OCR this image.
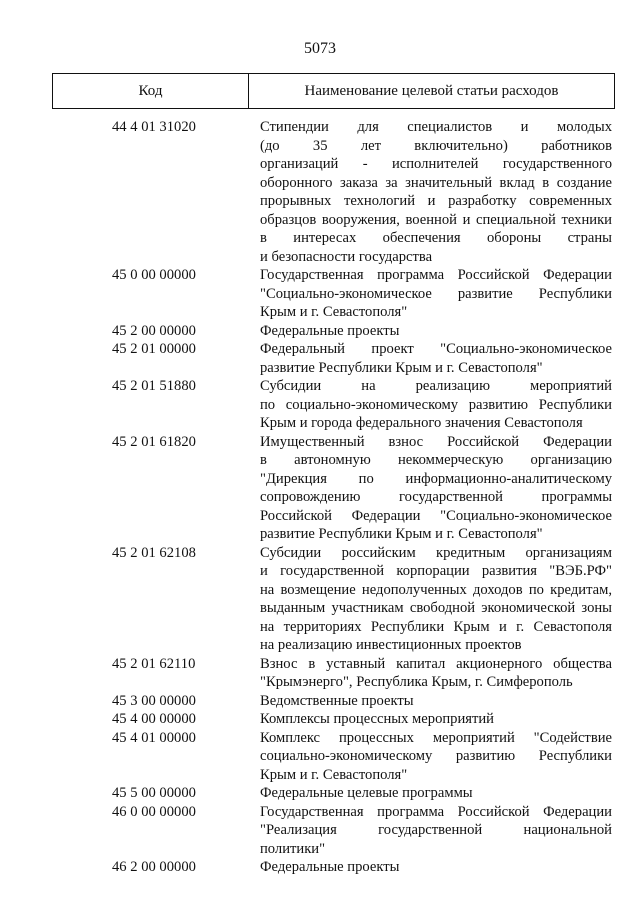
5073
Код	Наименование целевой статьи расходов
44 4 01 31020	Стипендии для специалистов и молодых
(до 35 лет включительно) работников
организаций - исполнителей государственного
оборонного заказа за значительный вклад в создание
прорывных технологий и разработку современных
образцов вооружения, военной и специальной техники
в интересах обеспечения обороны страны
и безопасности государства
45 0 00 00000	Государственная программа Российской Федерации
"Социально-экономическое развитие Республики
Крым и г. Севастополя"
45 2 00 00000	Федеральные проекты
45 2 01 00000	Федеральный проект "Социально-экономическое
развитие Республики Крым и г. Севастополя"
45 2 01 51880	Субсидии на реализацию мероприятий
по социально-экономическому развитию Республики
Крым и города федерального значения Севастополя
45 2 01 61820	Имущественный взнос Российской Федерации
в автономную некоммерческую организацию
"Дирекция по информационно-аналитическому
сопровождению государственной программы
Российской Федерации "Социально-экономическое
развитие Республики Крым и г. Севастополя"
45 2 01 62108	Субсидии российским кредитным организациям
и государственной корпорации развития "ВЭБ.РФ"
на возмещение недополученных доходов по кредитам,
выданным участникам свободной экономической зоны
на территориях Республики Крым и г. Севастополя
на реализацию инвестиционных проектов
45 2 01 62110	Взнос в уставный капитал акционерного общества
"Крымэнерго", Республика Крым, г. Симферополь
45 3 00 00000	Ведомственные проекты
45 4 00 00000	Комплексы процессных мероприятий
45 4 01 00000	Комплекс процессных мероприятий "Содействие
социально-экономическому развитию Республики
Крым и г. Севастополя"
45 5 00 00000	Федеральные целевые программы
46 0 00 00000	Государственная программа Российской Федерации
"Реализация государственной национальной
политики"
46 2 00 00000	Федеральные проекты
